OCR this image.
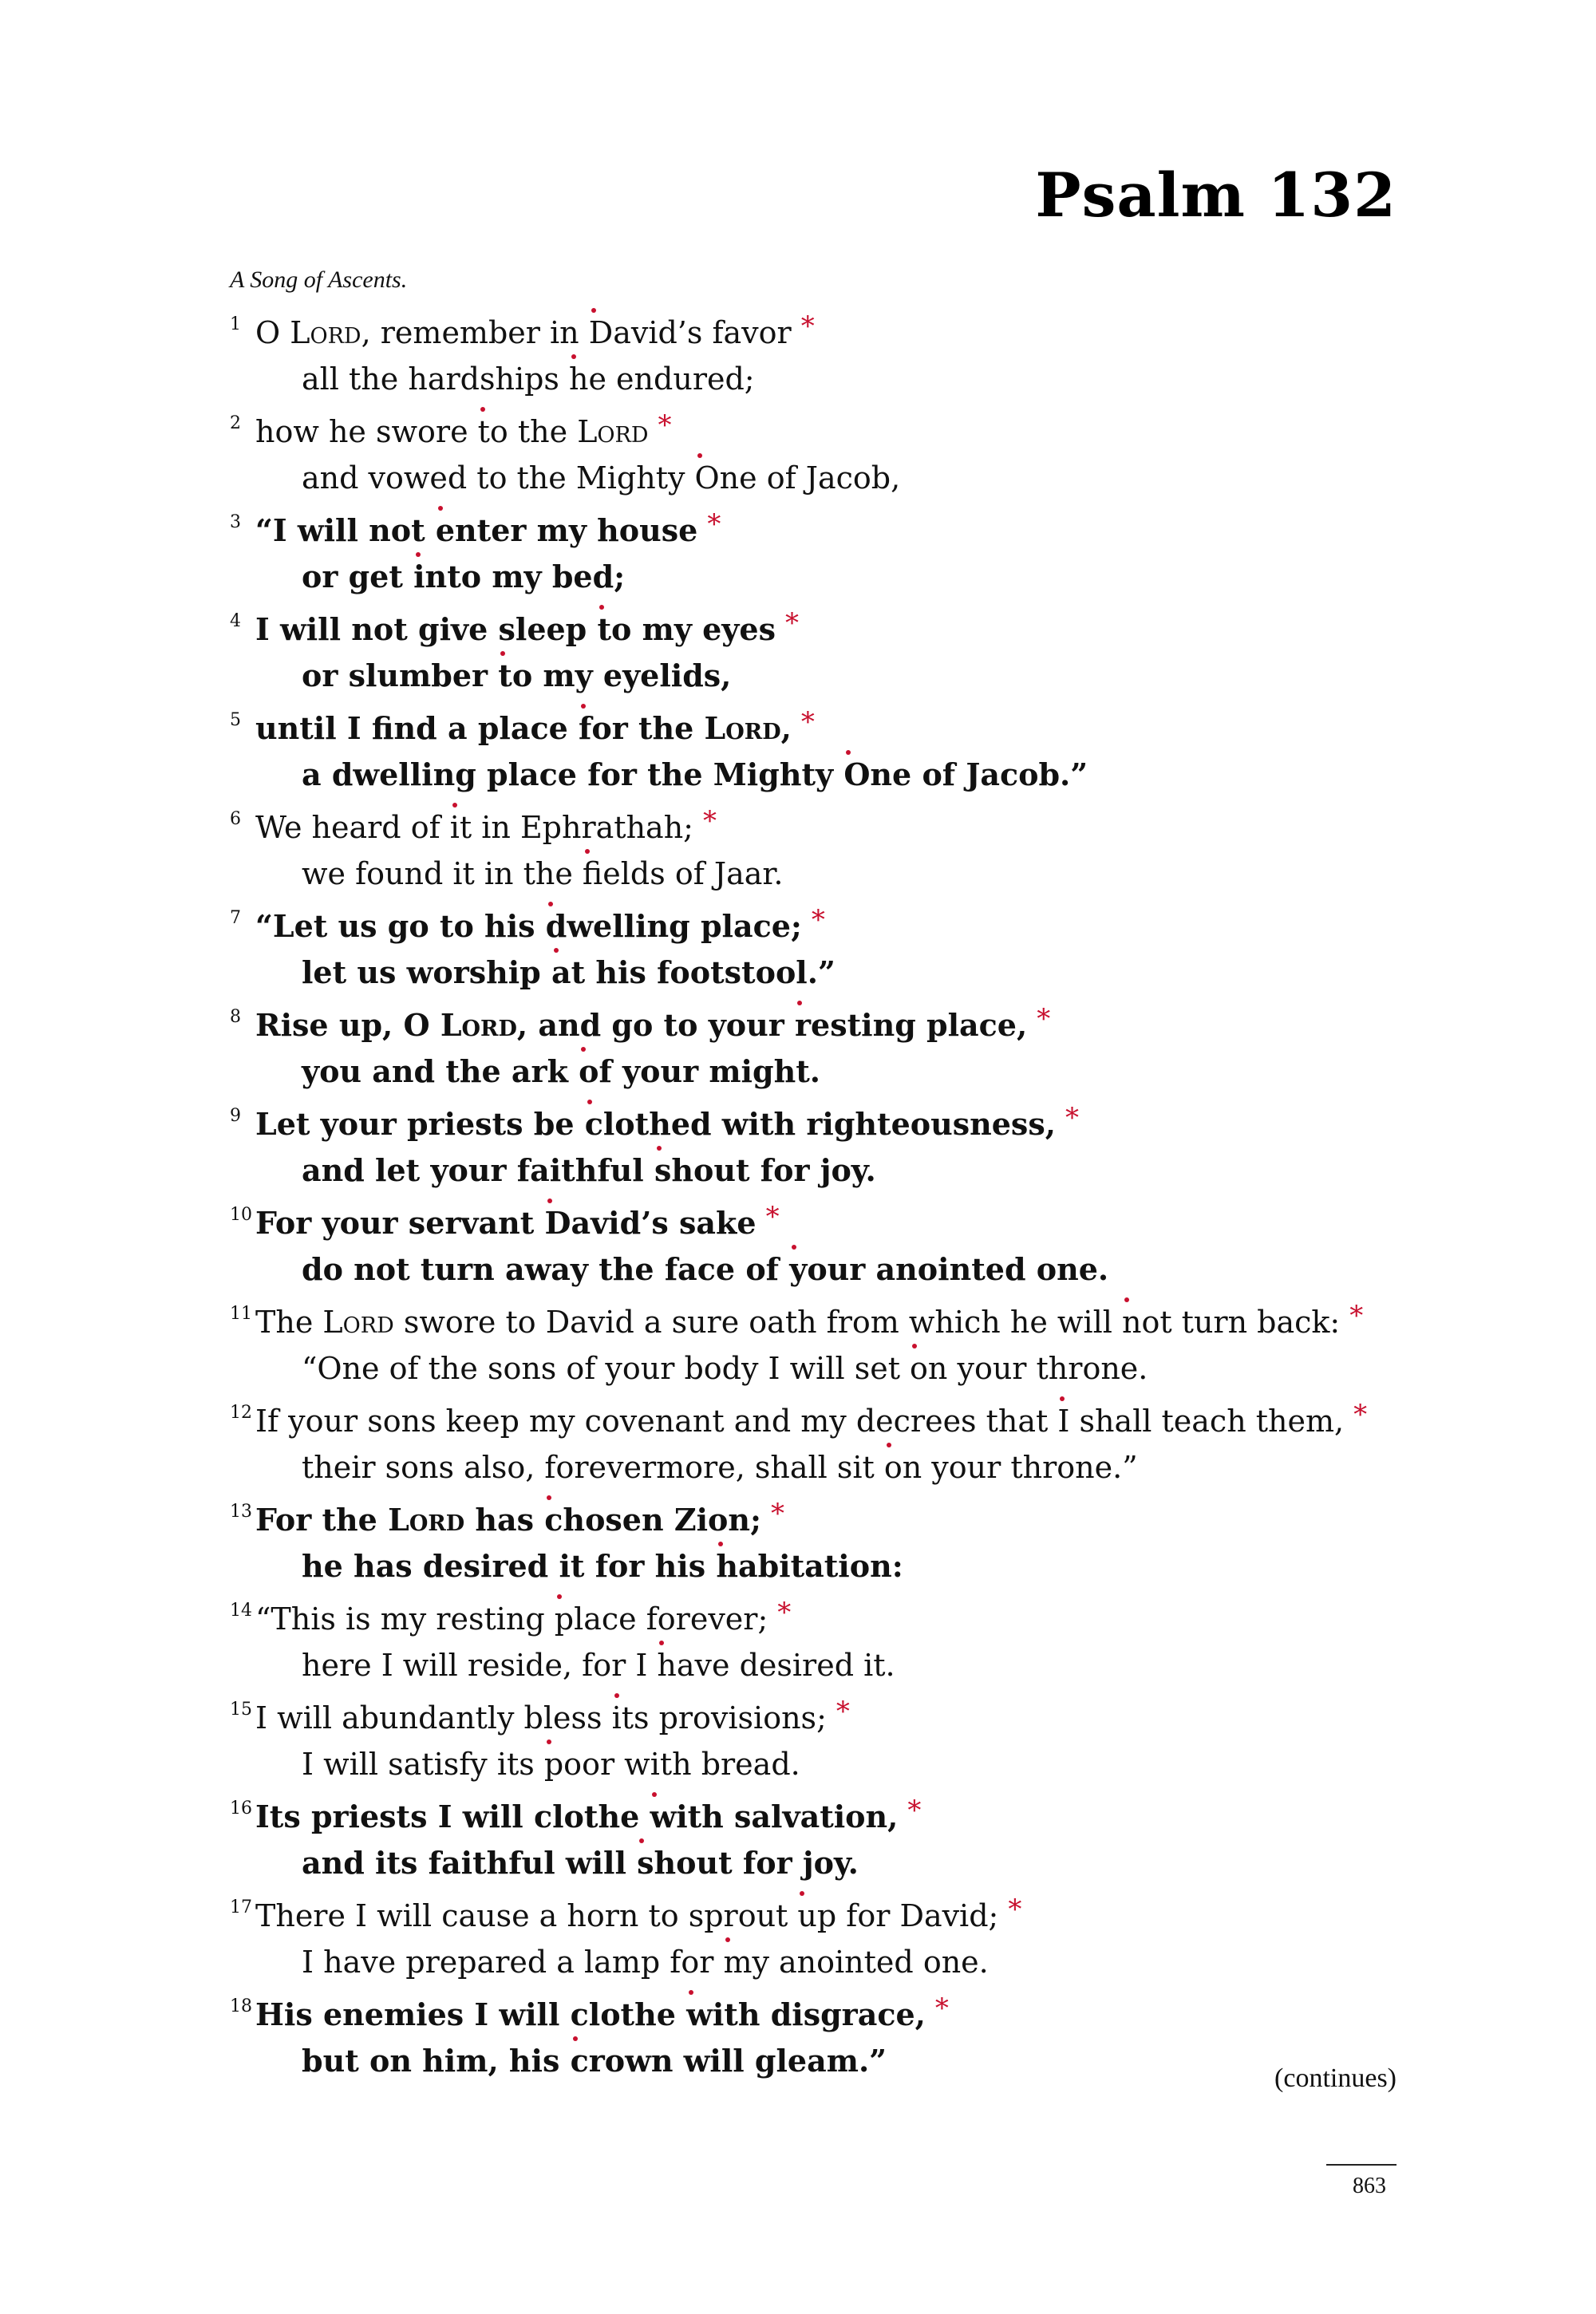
Psalm 132
A Song of Ascents.
1 O Lord, remember in David’s favor *
all the hardships he endured;
2 how he swore to the Lord *
and vowed to the Mighty One of Jacob,
3 “I will not enter my house *
or get into my bed;
4 I will not give sleep to my eyes *
or slumber to my eyelids,
5 until I find a place for the Lord, *
a dwelling place for the Mighty One of Jacob.”
6 We heard of it in Ephrathah; *
we found it in the fields of Jaar.
7 “Let us go to his dwelling place; *
let us worship at his footstool.”
8 Rise up, O Lord, and go to your resting place, *
you and the ark of your might.
9 Let your priests be clothed with righteousness, *
and let your faithful shout for joy.
10 For your servant David’s sake *
do not turn away the face of your anointed one.
11 The Lord swore to David a sure oath from which he will not turn back: *
“One of the sons of your body I will set on your throne.
12 If your sons keep my covenant and my decrees that I shall teach them, *
their sons also, forevermore, shall sit on your throne.”
13 For the Lord has chosen Zion; *
he has desired it for his habitation:
14 “This is my resting place forever; *
here I will reside, for I have desired it.
15 I will abundantly bless its provisions; *
I will satisfy its poor with bread.
16 Its priests I will clothe with salvation, *
and its faithful will shout for joy.
17 There I will cause a horn to sprout up for David; *
I have prepared a lamp for my anointed one.
18 His enemies I will clothe with disgrace, *
but on him, his crown will gleam.”	(continues)
863
